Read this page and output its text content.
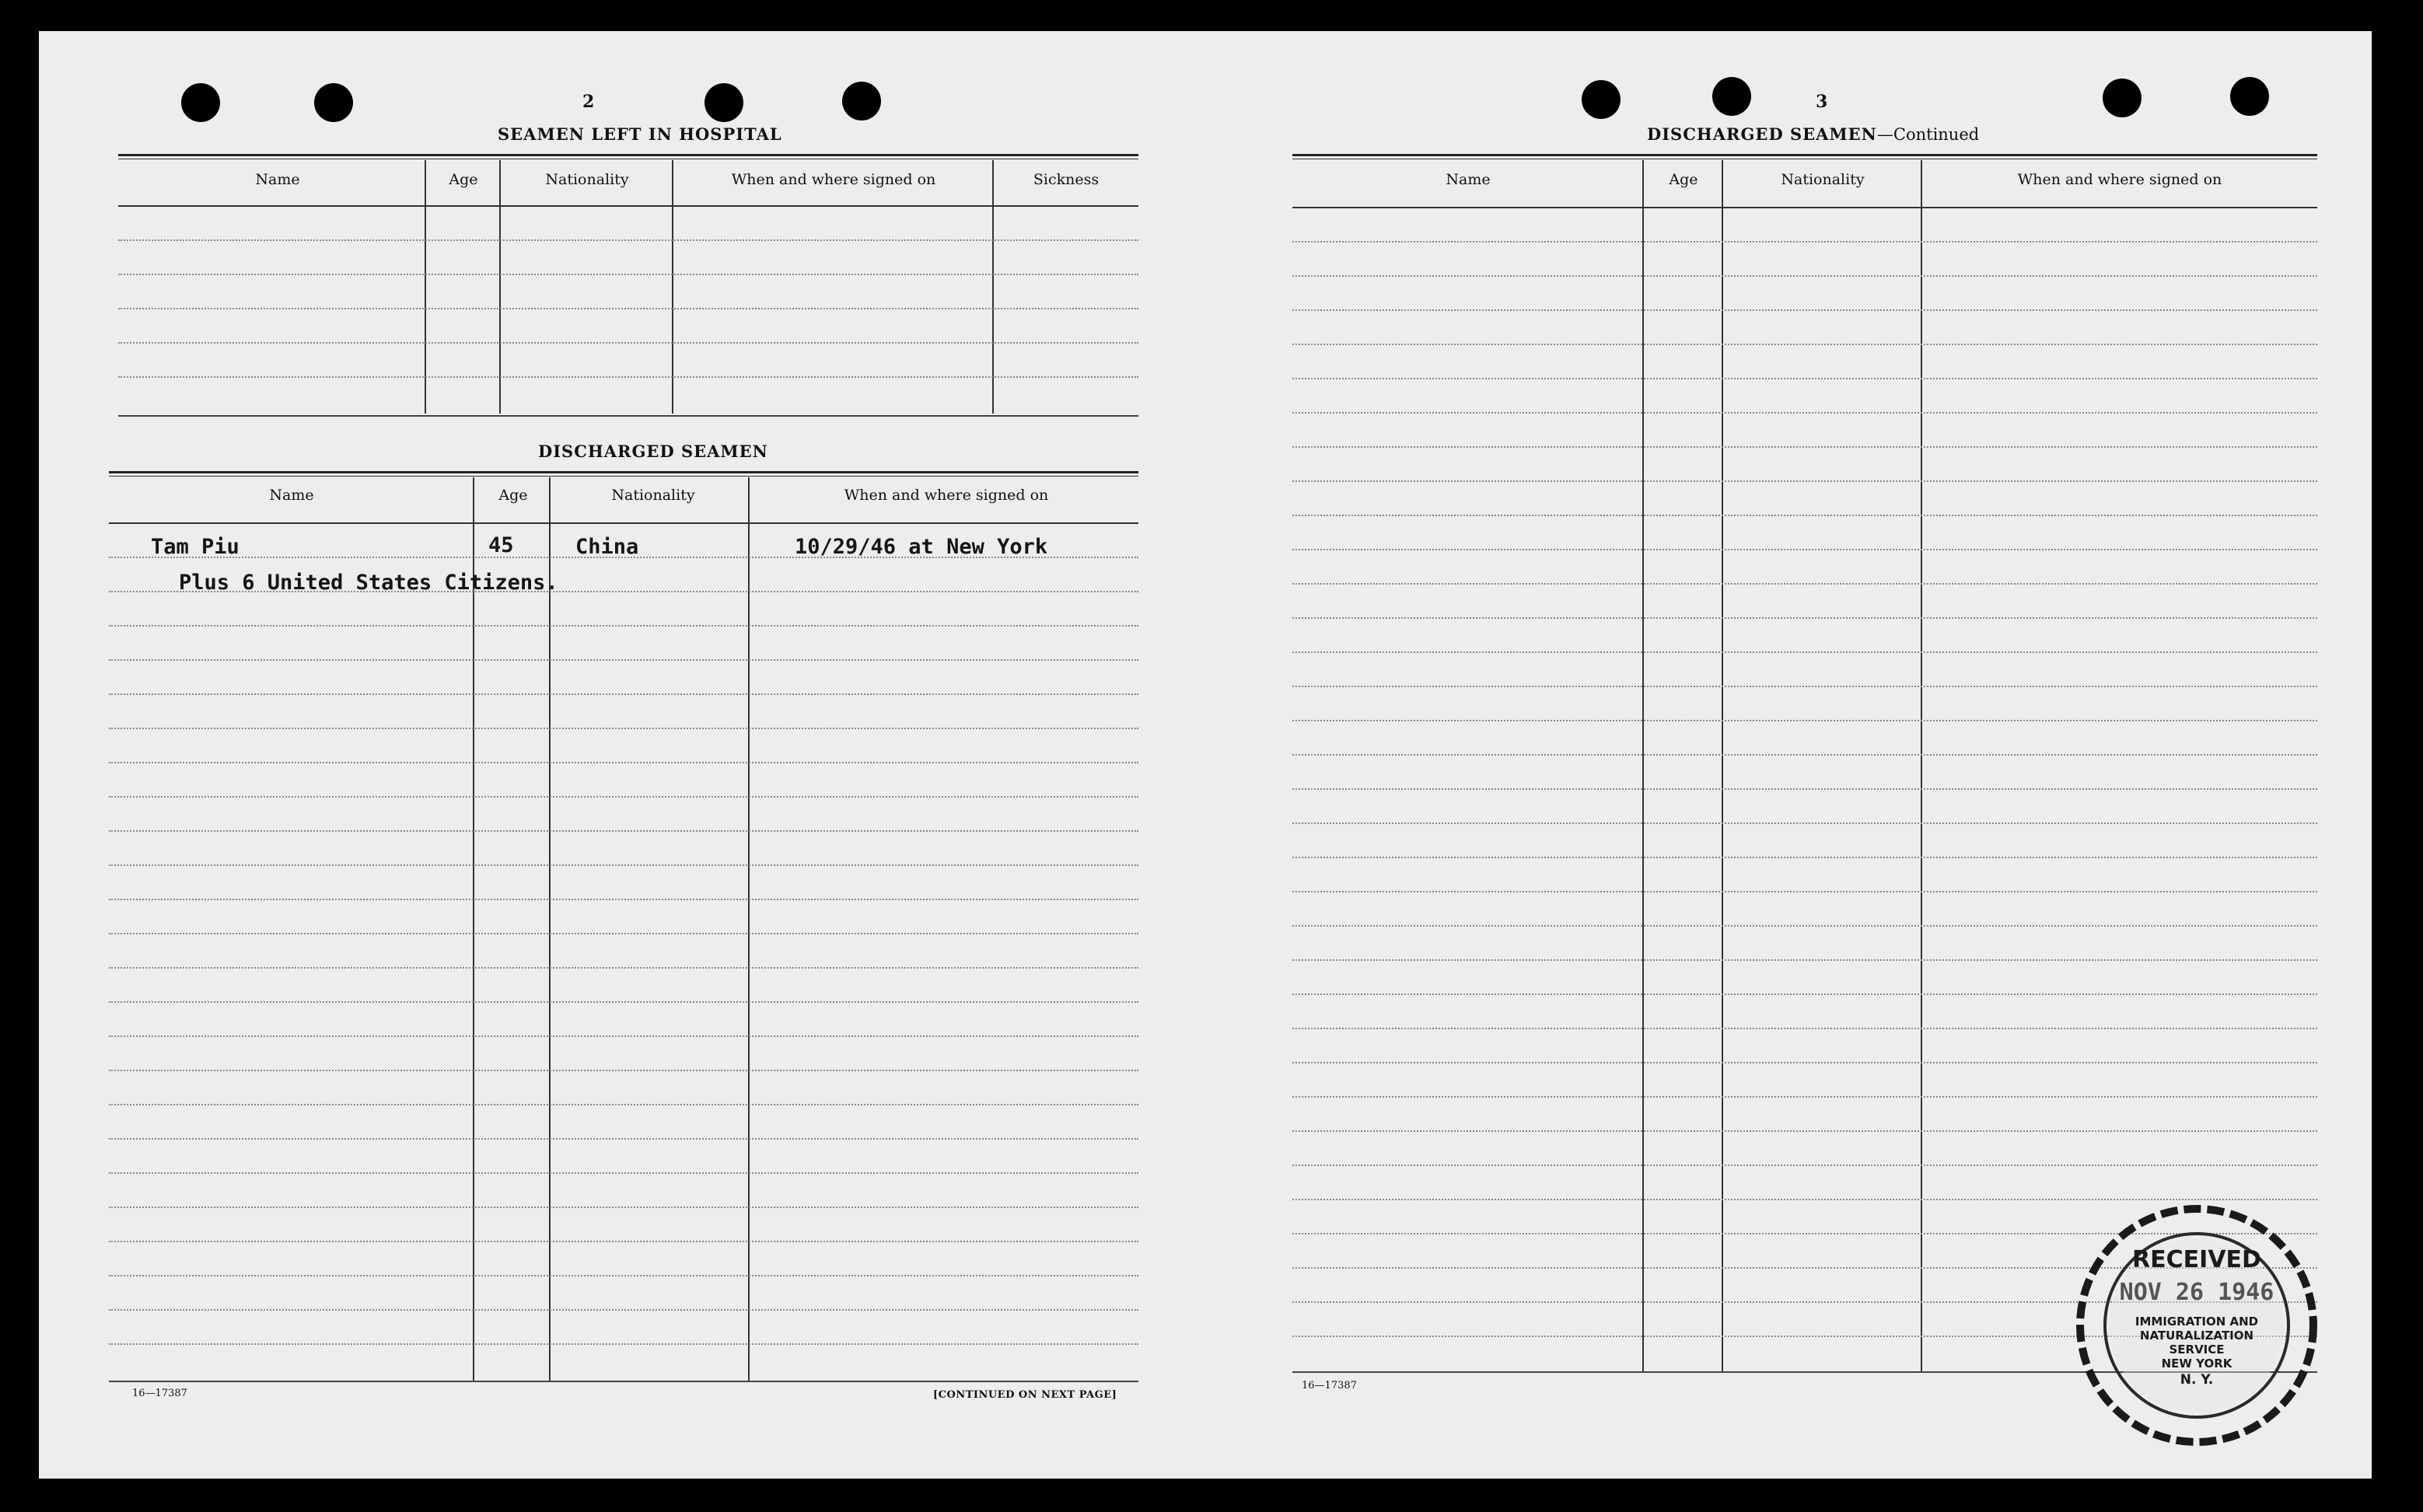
2
SEAMEN LEFT IN HOSPITAL
Name	Age	Nationality	When and where signed on	Sickness
DISCHARGED SEAMEN
Name	Age	Nationality	When and where signed on
Tam Piu	45	China	10/29/46 at New York
Plus 6 United States Citizens.
16—17387	[CONTINUED ON NEXT PAGE]
3
DISCHARGED SEAMEN—Continued
Name	Age	Nationality	When and where signed on
16—17387
RECEIVED
NOV 26 1946
IMMIGRATION AND
NATURALIZATION
SERVICE
NEW YORK
N. Y.
